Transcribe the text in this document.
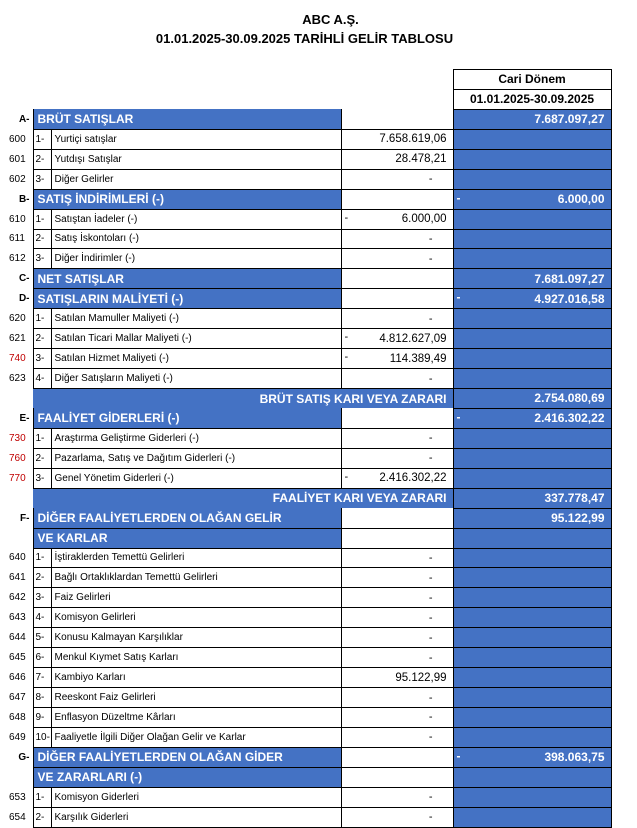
ABC A.Ş.
01.01.2025-30.09.2025 TARİHLİ GELİR TABLOSU
				Cari Dönem
				01.01.2025-30.09.2025
A-	BRÜT SATIŞLAR			7.687.097,27

600	1-	Yurtiçi satışlar	7.658.619,06	

601	2-	Yutdışı Satışlar	28.478,21	

602	3-	Diğer Gelirler	-	

B-	SATIŞ İNDİRİMLERİ (-)			- 6.000,00

610	1-	Satıştan İadeler (-)	- 6.000,00	

611	2-	Satış İskontoları (-)	-	

612	3-	Diğer İndirimler (-)	-	

C-	NET SATIŞLAR			7.681.097,27

D-	SATIŞLARIN MALİYETİ (-)			- 4.927.016,58

620	1-	Satılan Mamuller Maliyeti (-)	-	

621	2-	Satılan Ticari Mallar Maliyeti (-)	- 4.812.627,09	

740	3-	Satılan Hizmet Maliyeti (-)	- 114.389,49	

623	4-	Diğer Satışların Maliyeti (-)	-	

		BRÜT SATIŞ KARI VEYA ZARARI		2.754.080,69

E-	FAALİYET GİDERLERİ (-)			- 2.416.302,22

730	1-	Araştırma Geliştirme Giderleri (-)	-	

760	2-	Pazarlama, Satış ve Dağıtım Giderleri (-)	-	

770	3-	Genel Yönetim Giderleri (-)	- 2.416.302,22	

		FAALİYET KARI VEYA ZARARI		337.778,47

F-	DİĞER FAALİYETLERDEN OLAĞAN GELİR			95.122,99

	VE KARLAR			
640	1-	İştiraklerden Temettü Gelirleri	-	

641	2-	Bağlı Ortaklıklardan Temettü Gelirleri	-	

642	3-	Faiz Gelirleri	-	

643	4-	Komisyon Gelirleri	-	

644	5-	Konusu Kalmayan Karşılıklar	-	

645	6-	Menkul Kıymet Satış Karları	-	

646	7-	Kambiyo Karları	95.122,99	

647	8-	Reeskont Faiz Gelirleri	-	

648	9-	Enflasyon Düzeltme Kârları	-	

649	10-	Faaliyetle İlgili Diğer Olağan Gelir ve Karlar	-	

G-	DİĞER FAALİYETLERDEN OLAĞAN GİDER			- 398.063,75

	VE ZARARLARI (-)			
653	1-	Komisyon Giderleri	-	

654	2-	Karşılık Giderleri	-	
